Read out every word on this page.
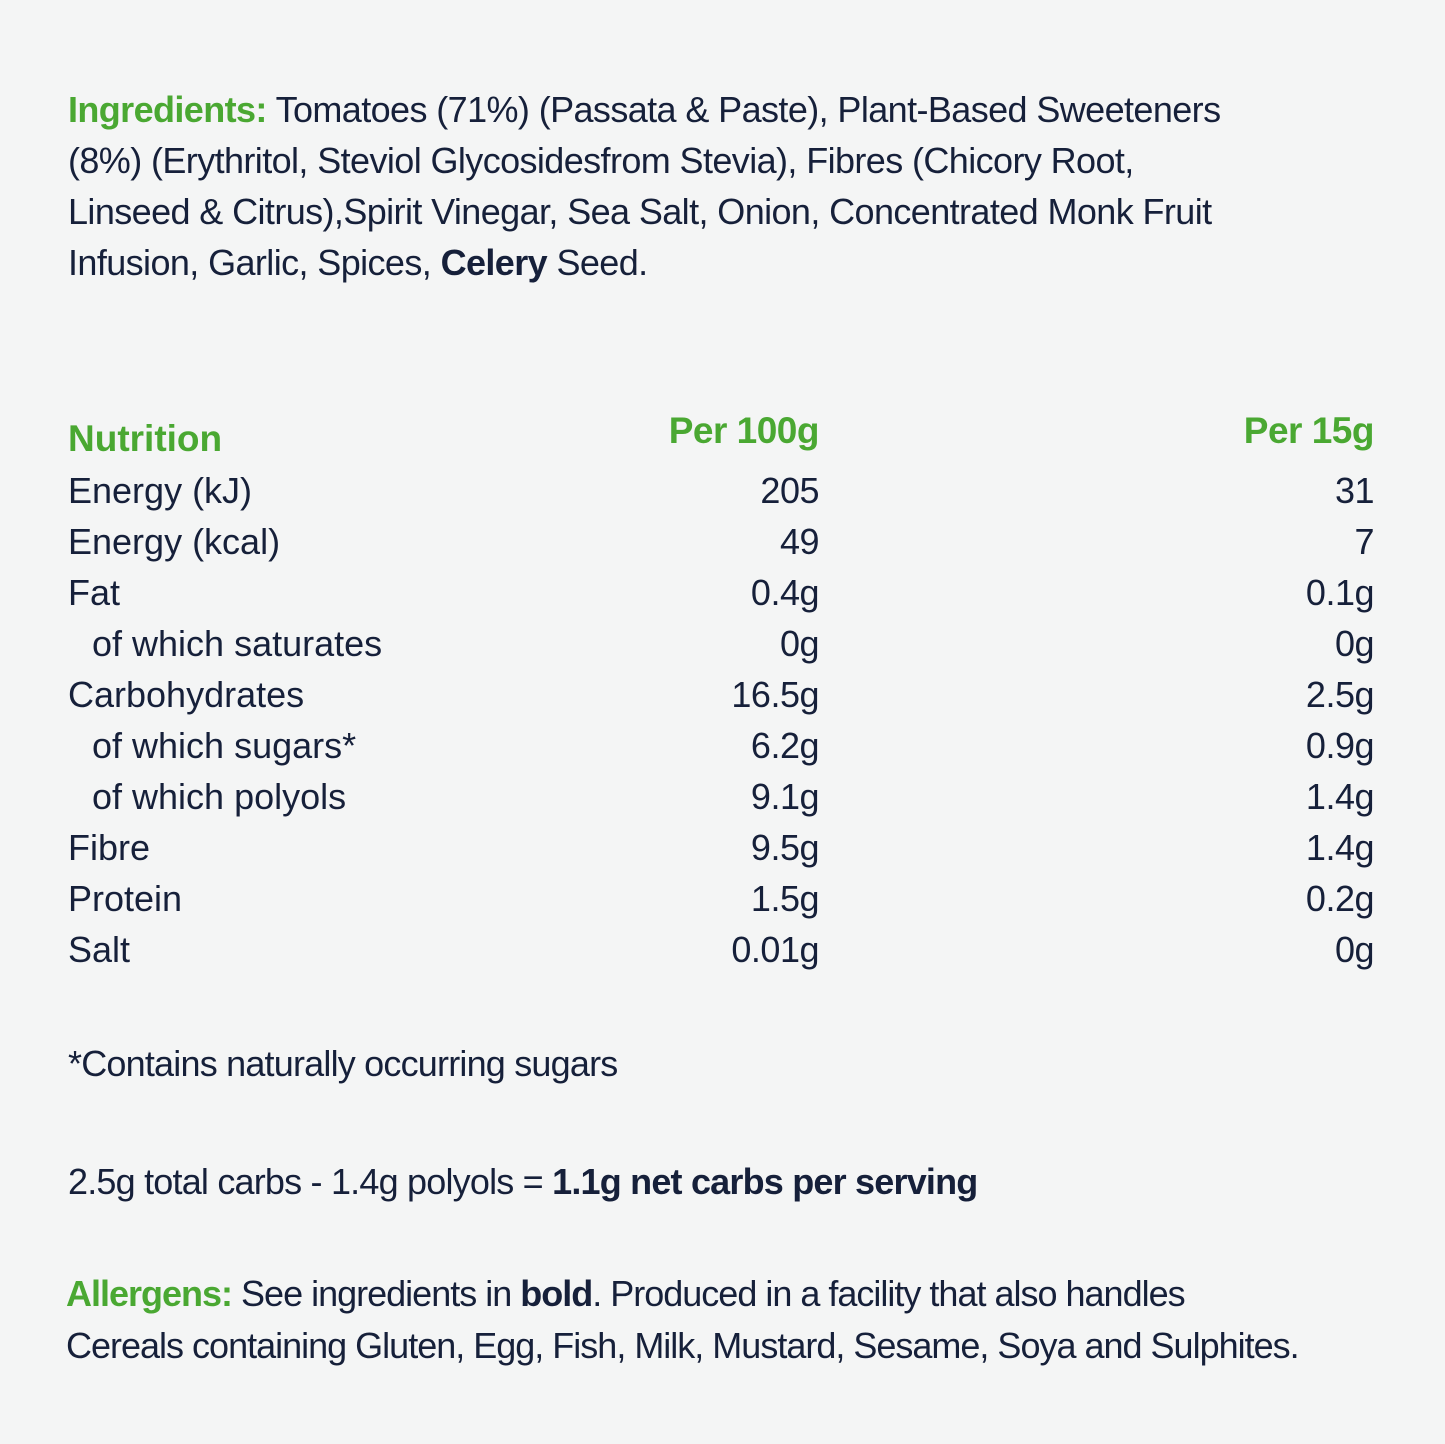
Ingredients: Tomatoes (71%) (Passata & Paste), Plant-Based Sweeteners
(8%) (Erythritol, Steviol Glycosidesfrom Stevia), Fibres (Chicory Root,
Linseed & Citrus),Spirit Vinegar, Sea Salt, Onion, Concentrated Monk Fruit
Infusion, Garlic, Spices, Celery Seed.
Nutrition	Per 100g	Per 15g
Energy (kJ)	205	31
Energy (kcal)	49	7
Fat	0.4g	0.1g
of which saturates	0g	0g
Carbohydrates	16.5g	2.5g
of which sugars*	6.2g	0.9g
of which polyols	9.1g	1.4g
Fibre	9.5g	1.4g
Protein	1.5g	0.2g
Salt	0.01g	0g
*Contains naturally occurring sugars
2.5g total carbs - 1.4g polyols = 1.1g net carbs per serving
Allergens: See ingredients in bold. Produced in a facility that also handles
Cereals containing Gluten, Egg, Fish, Milk, Mustard, Sesame, Soya and Sulphites.
